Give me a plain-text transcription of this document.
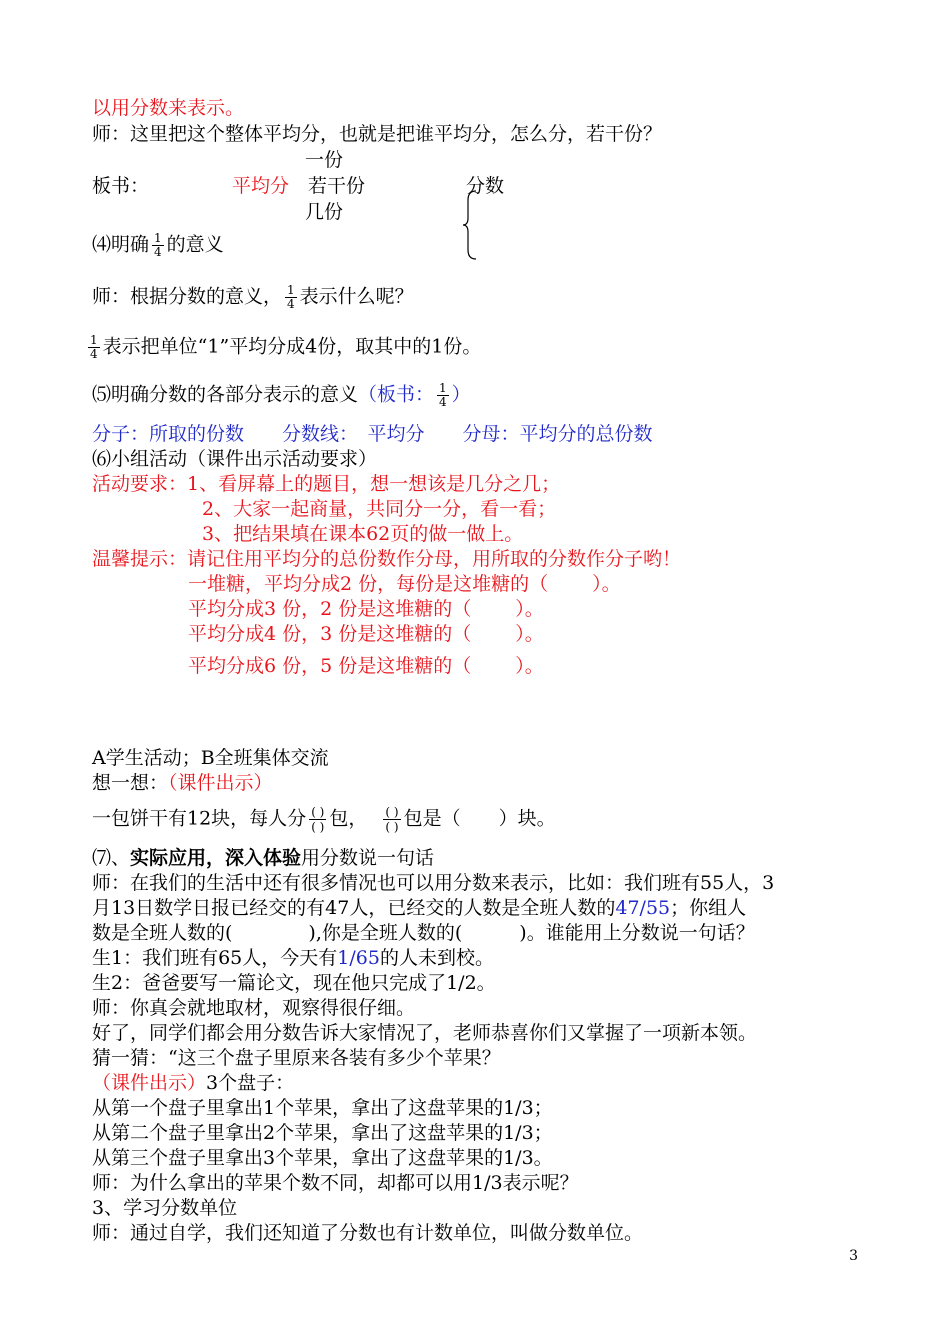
以用分数来表示。
师：这里把这个整体平均分，也就是把谁平均分，怎么分，若干份？
一份
板书：	平均分 若干份	分数
几份
⑷明确 $\frac{1}{4}$ 的意义
师：根据分数的意义， $\frac{1}{4}$ 表示什么呢？
$\frac{1}{4}$ 表示把单位“1”平均分成4份，取其中的1份。
⑸明确分数的各部分表示的意义（板书： $\frac{1}{4}$ ）
分子：所取的份数　　分数线：　平均分　　分母：平均分的总份数
⑹小组活动（课件出示活动要求）
活动要求：1、看屏幕上的题目，想一想该是几分之几；
2、大家一起商量，共同分一分，看一看；
3、把结果填在课本62页的做一做上。
温馨提示：请记住用平均分的总份数作分母，用所取的分数作分子哟！
一堆糖，平均分成2 份，每份是这堆糖的（　　 ）。
平均分成3 份，2 份是这堆糖的（　　 ）。
平均分成4 份，3 份是这堆糖的（　　 ）。
平均分成6 份，5 份是这堆糖的（　　 ）。
A学生活动；B全班集体交流
想一想：（课件出示）
一包饼干有12块，每人分 $\frac{( )}{( )}$ 包， $\frac{( )}{( )}$ 包是（　　）块。
⑺、实际应用，深入体验用分数说一句话
师：在我们的生活中还有很多情况也可以用分数来表示，比如：我们班有55人，3
月13日数学日报已经交的有47人，已经交的人数是全班人数的47/55；你组人
数是全班人数的(　　　　),你是全班人数的(　　　)。谁能用上分数说一句话？
生1：我们班有65人，今天有1/65的人未到校。
生2：爸爸要写一篇论文，现在他只完成了1/2。
师：你真会就地取材，观察得很仔细。
好了，同学们都会用分数告诉大家情况了，老师恭喜你们又掌握了一项新本领。
猜一猜：“这三个盘子里原来各装有多少个苹果？
（课件出示）3个盘子：
从第一个盘子里拿出1个苹果，拿出了这盘苹果的1/3；
从第二个盘子里拿出2个苹果，拿出了这盘苹果的1/3；
从第三个盘子里拿出3个苹果，拿出了这盘苹果的1/3。
师：为什么拿出的苹果个数不同，却都可以用1/3表示呢？
3、学习分数单位
师：通过自学，我们还知道了分数也有计数单位，叫做分数单位。
3
